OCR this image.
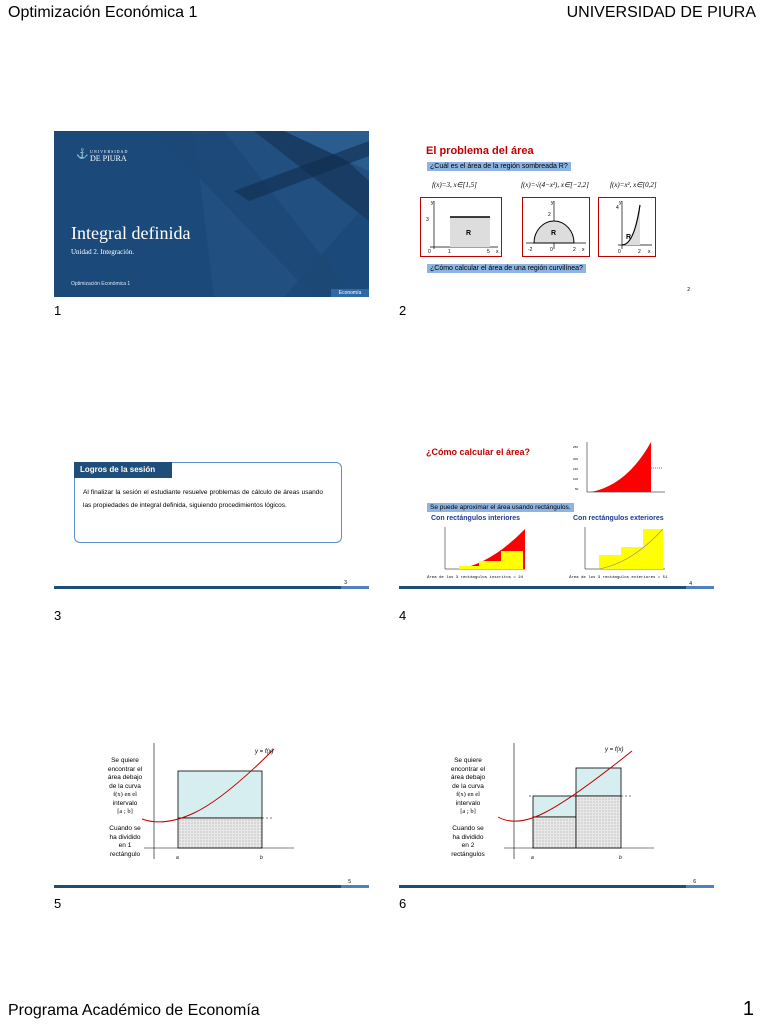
Optimización Económica 1	UNIVERSIDAD DE PIURA
⚓ UNIVERSIDAD
DE PIURA
Integral definida
Unidad 2. Integración.
Optimización Económica 1
Economía
1
El problema del área
¿Cuál es el área de la región sombreada R?
f(x)=3, x∈[1,5]	f(x)=√(4−x²), x∈[−2,2]	f(x)=x², x∈[0,2]
R
3
0	1	5 x
y
R
2
-2	0	2 x
y
R
4
0	2 x
y
¿Cómo calcular el área de una región curvilínea?
2
2
Logros de la sesión
Al finalizar la sesión el estudiante resuelve problemas de cálculo de áreas usando las propiedades de integral definida, siguiendo procedimientos lógicos.
3
3
¿Cómo calcular el área?	250
200
150
100
50
Se puede aproximar el área usando rectángulos.
Con rectángulos interiores	Con rectángulos exteriores
Área de los 3 rectángulos inscritos = 24	Área de los 3 rectángulos exteriores = 51
4
4
Se quiere
encontrar el
área debajo
de la curva
f(x) en el
intervalo
[a ; b]
Cuando se
ha dividido
en 1
rectángulo
y = f(x)
a	b
5
5
Se quiere
encontrar el
área debajo
de la curva
f(x) en el
intervalo
[a ; b]
Cuando se
ha dividido
en 2
rectángulos
y = f(x)
a	b
6
6
Programa Académico de Economía	1
